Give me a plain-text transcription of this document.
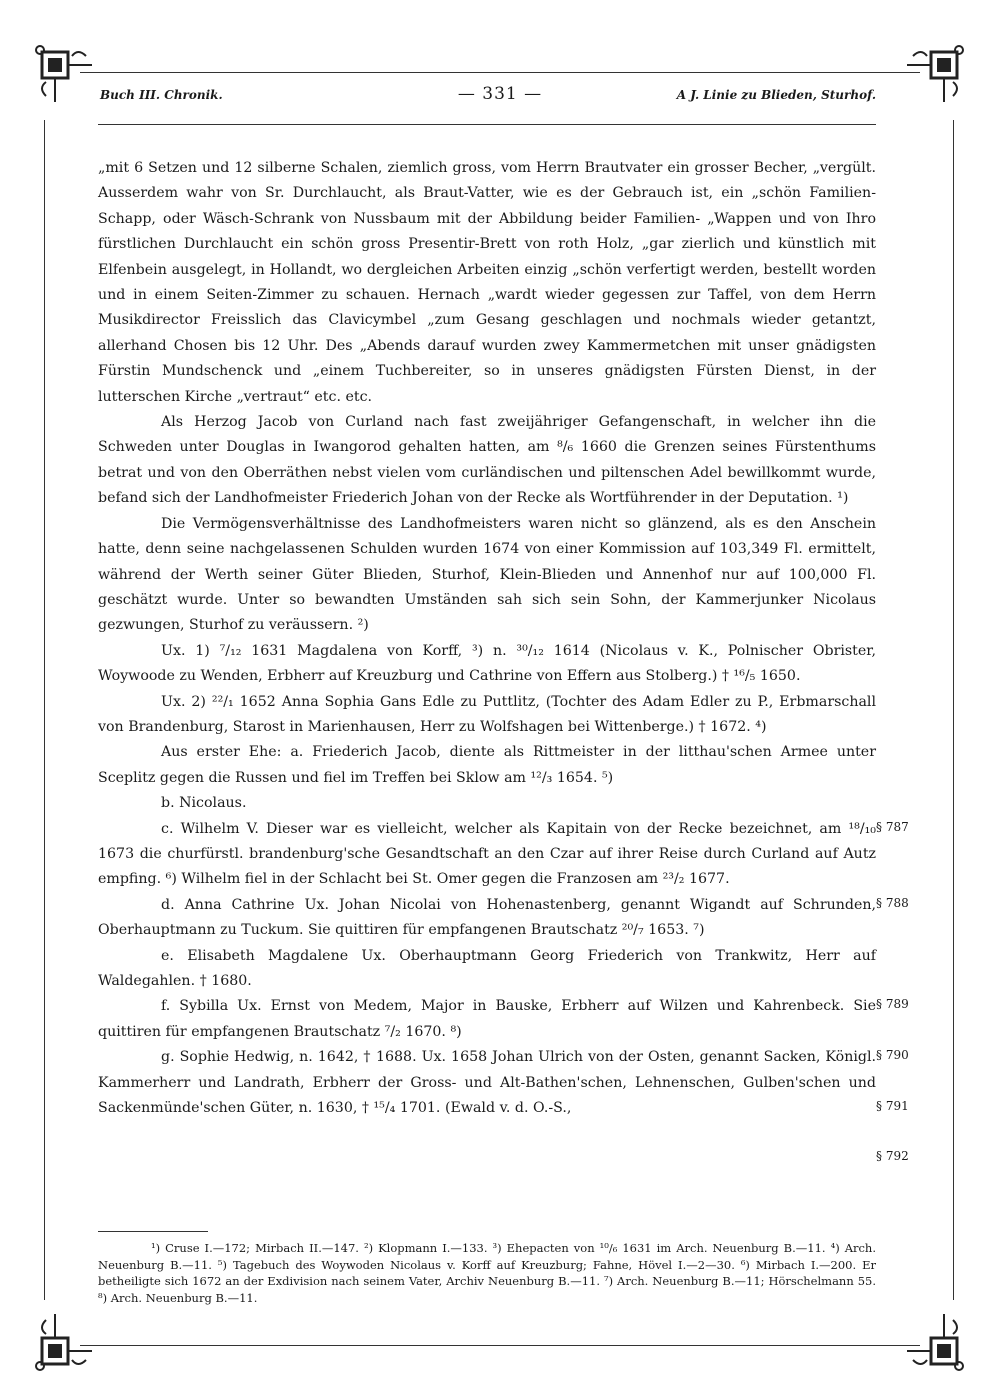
Buch III. Chronik.	— 331 —	A J. Linie zu Blieden, Sturhof.

„mit 6 Setzen und 12 silberne Schalen, ziemlich gross, vom Herrn Brautvater ein grosser Becher, „vergült. Ausserdem wahr von Sr. Durchlaucht, als Braut-Vatter, wie es der Gebrauch ist, ein „schön Familien-Schapp, oder Wäsch-Schrank von Nussbaum mit der Abbildung beider Familien- „Wappen und von Ihro fürstlichen Durchlaucht ein schön gross Presentir-Brett von roth Holz, „gar zierlich und künstlich mit Elfenbein ausgelegt, in Hollandt, wo dergleichen Arbeiten einzig „schön verfertigt werden, bestellt worden und in einem Seiten-Zimmer zu schauen. Hernach „wardt wieder gegessen zur Taffel, von dem Herrn Musikdirector Freisslich das Clavicymbel „zum Gesang geschlagen und nochmals wieder getantzt, allerhand Chosen bis 12 Uhr. Des „Abends darauf wurden zwey Kammermetchen mit unser gnädigsten Fürstin Mundschenck und „einem Tuchbereiter, so in unseres gnädigsten Fürsten Dienst, in der lutterschen Kirche „vertraut“ etc. etc.

Als Herzog Jacob von Curland nach fast zweijähriger Gefangenschaft, in welcher ihn die Schweden unter Douglas in Iwangorod gehalten hatten, am ⁸/₆ 1660 die Grenzen seines Fürstenthums betrat und von den Oberräthen nebst vielen vom curländischen und piltenschen Adel bewillkommt wurde, befand sich der Landhofmeister Friederich Johan von der Recke als Wortführender in der Deputation. ¹)

Die Vermögensverhältnisse des Landhofmeisters waren nicht so glänzend, als es den Anschein hatte, denn seine nachgelassenen Schulden wurden 1674 von einer Kommission auf 103,349 Fl. ermittelt, während der Werth seiner Güter Blieden, Sturhof, Klein-Blieden und Annenhof nur auf 100,000 Fl. geschätzt wurde. Unter so bewandten Umständen sah sich sein Sohn, der Kammerjunker Nicolaus gezwungen, Sturhof zu veräussern. ²)

Ux. 1) ⁷/₁₂ 1631 Magdalena von Korff, ³) n. ³⁰/₁₂ 1614 (Nicolaus v. K., Polnischer Obrister, Woywoode zu Wenden, Erbherr auf Kreuzburg und Cathrine von Effern aus Stolberg.) † ¹⁶/₅ 1650.

Ux. 2) ²²/₁ 1652 Anna Sophia Gans Edle zu Puttlitz, (Tochter des Adam Edler zu P., Erbmarschall von Brandenburg, Starost in Marienhausen, Herr zu Wolfshagen bei Wittenberge.) † 1672. ⁴)

Aus erster Ehe: a. Friederich Jacob, diente als Rittmeister in der litthau'schen Armee unter Sceplitz gegen die Russen und fiel im Treffen bei Sklow am ¹²/₃ 1654. ⁵)

b. Nicolaus.

c. Wilhelm V. Dieser war es vielleicht, welcher als Kapitain von der Recke bezeichnet, am ¹⁸/₁₀ 1673 die churfürstl. brandenburg'sche Gesandtschaft an den Czar auf ihrer Reise durch Curland auf Autz empfing. ⁶) Wilhelm fiel in der Schlacht bei St. Omer gegen die Franzosen am ²³/₂ 1677.

d. Anna Cathrine Ux. Johan Nicolai von Hohenastenberg, genannt Wigandt auf Schrunden, Oberhauptmann zu Tuckum. Sie quittiren für empfangenen Brautschatz ²⁰/₇ 1653. ⁷)

e. Elisabeth Magdalene Ux. Oberhauptmann Georg Friederich von Trankwitz, Herr auf Waldegahlen. † 1680.

f. Sybilla Ux. Ernst von Medem, Major in Bauske, Erbherr auf Wilzen und Kahrenbeck. Sie quittiren für empfangenen Brautschatz ⁷/₂ 1670. ⁸)

g. Sophie Hedwig, n. 1642, † 1688. Ux. 1658 Johan Ulrich von der Osten, genannt Sacken, Königl. Kammerherr und Landrath, Erbherr der Gross- und Alt-Bathen'schen, Lehnenschen, Gulben'schen und Sackenmünde'schen Güter, n. 1630, † ¹⁵/₄ 1701. (Ewald v. d. O.-S.,

§ 787
§ 788
§ 789
§ 790
§ 791
§ 792

¹) Cruse I.—172; Mirbach II.—147. ²) Klopmann I.—133. ³) Ehepacten von ¹⁰/₆ 1631 im Arch. Neuenburg B.—11. ⁴) Arch. Neuenburg B.—11. ⁵) Tagebuch des Woywoden Nicolaus v. Korff auf Kreuzburg; Fahne, Hövel I.—2—30. ⁶) Mirbach I.—200. Er betheiligte sich 1672 an der Exdivision nach seinem Vater, Archiv Neuenburg B.—11. ⁷) Arch. Neuenburg B.—11; Hörschelmann 55. ⁸) Arch. Neuenburg B.—11.
